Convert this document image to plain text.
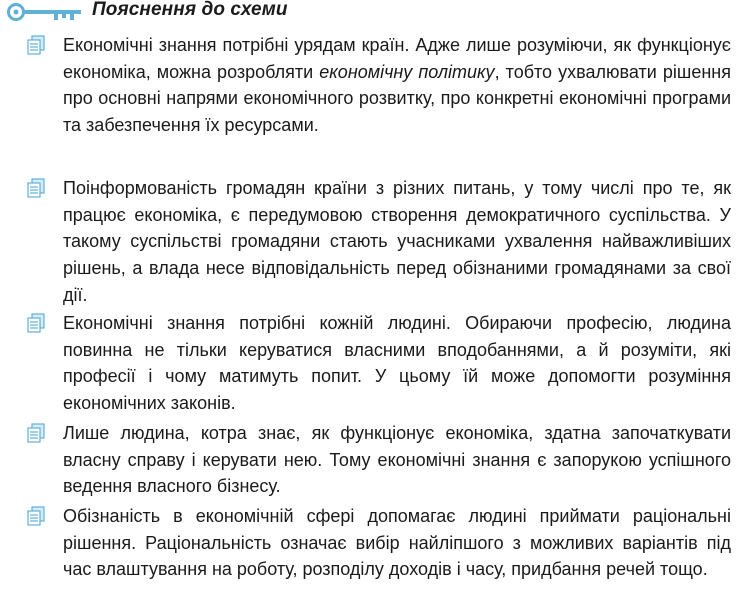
Пояснення до схеми
Економічні знання потрібні урядам країн. Адже лише розуміючи, як функціонує економіка, можна розробляти економічну політику, тобто ухвалювати рішення про основні напрями економічного розвитку, про конкретні економічні програми та забезпечення їх ресурсами.
Поінформованість громадян країни з різних питань, у тому числі про те, як працює економіка, є передумовою створення демократичного суспільства. У такому суспільстві громадяни стають учасниками ухвалення найважливіших рішень, а влада несе відповідальність перед обізнаними громадянами за свої дії.
Економічні знання потрібні кожній людині. Обираючи професію, людина повинна не тільки керуватися власними вподобаннями, а й розуміти, які професії і чому матимуть попит. У цьому їй може допомогти розуміння економічних законів.
Лише людина, котра знає, як функціонує економіка, здатна започаткувати власну справу і керувати нею. Тому економічні знання є запорукою успішного ведення власного бізнесу.
Обізнаність в економічній сфері допомагає людині приймати раціональні рішення. Раціональність означає вибір найліпшого з можливих варіантів під час влаштування на роботу, розподілу доходів і часу, придбання речей тощо.
